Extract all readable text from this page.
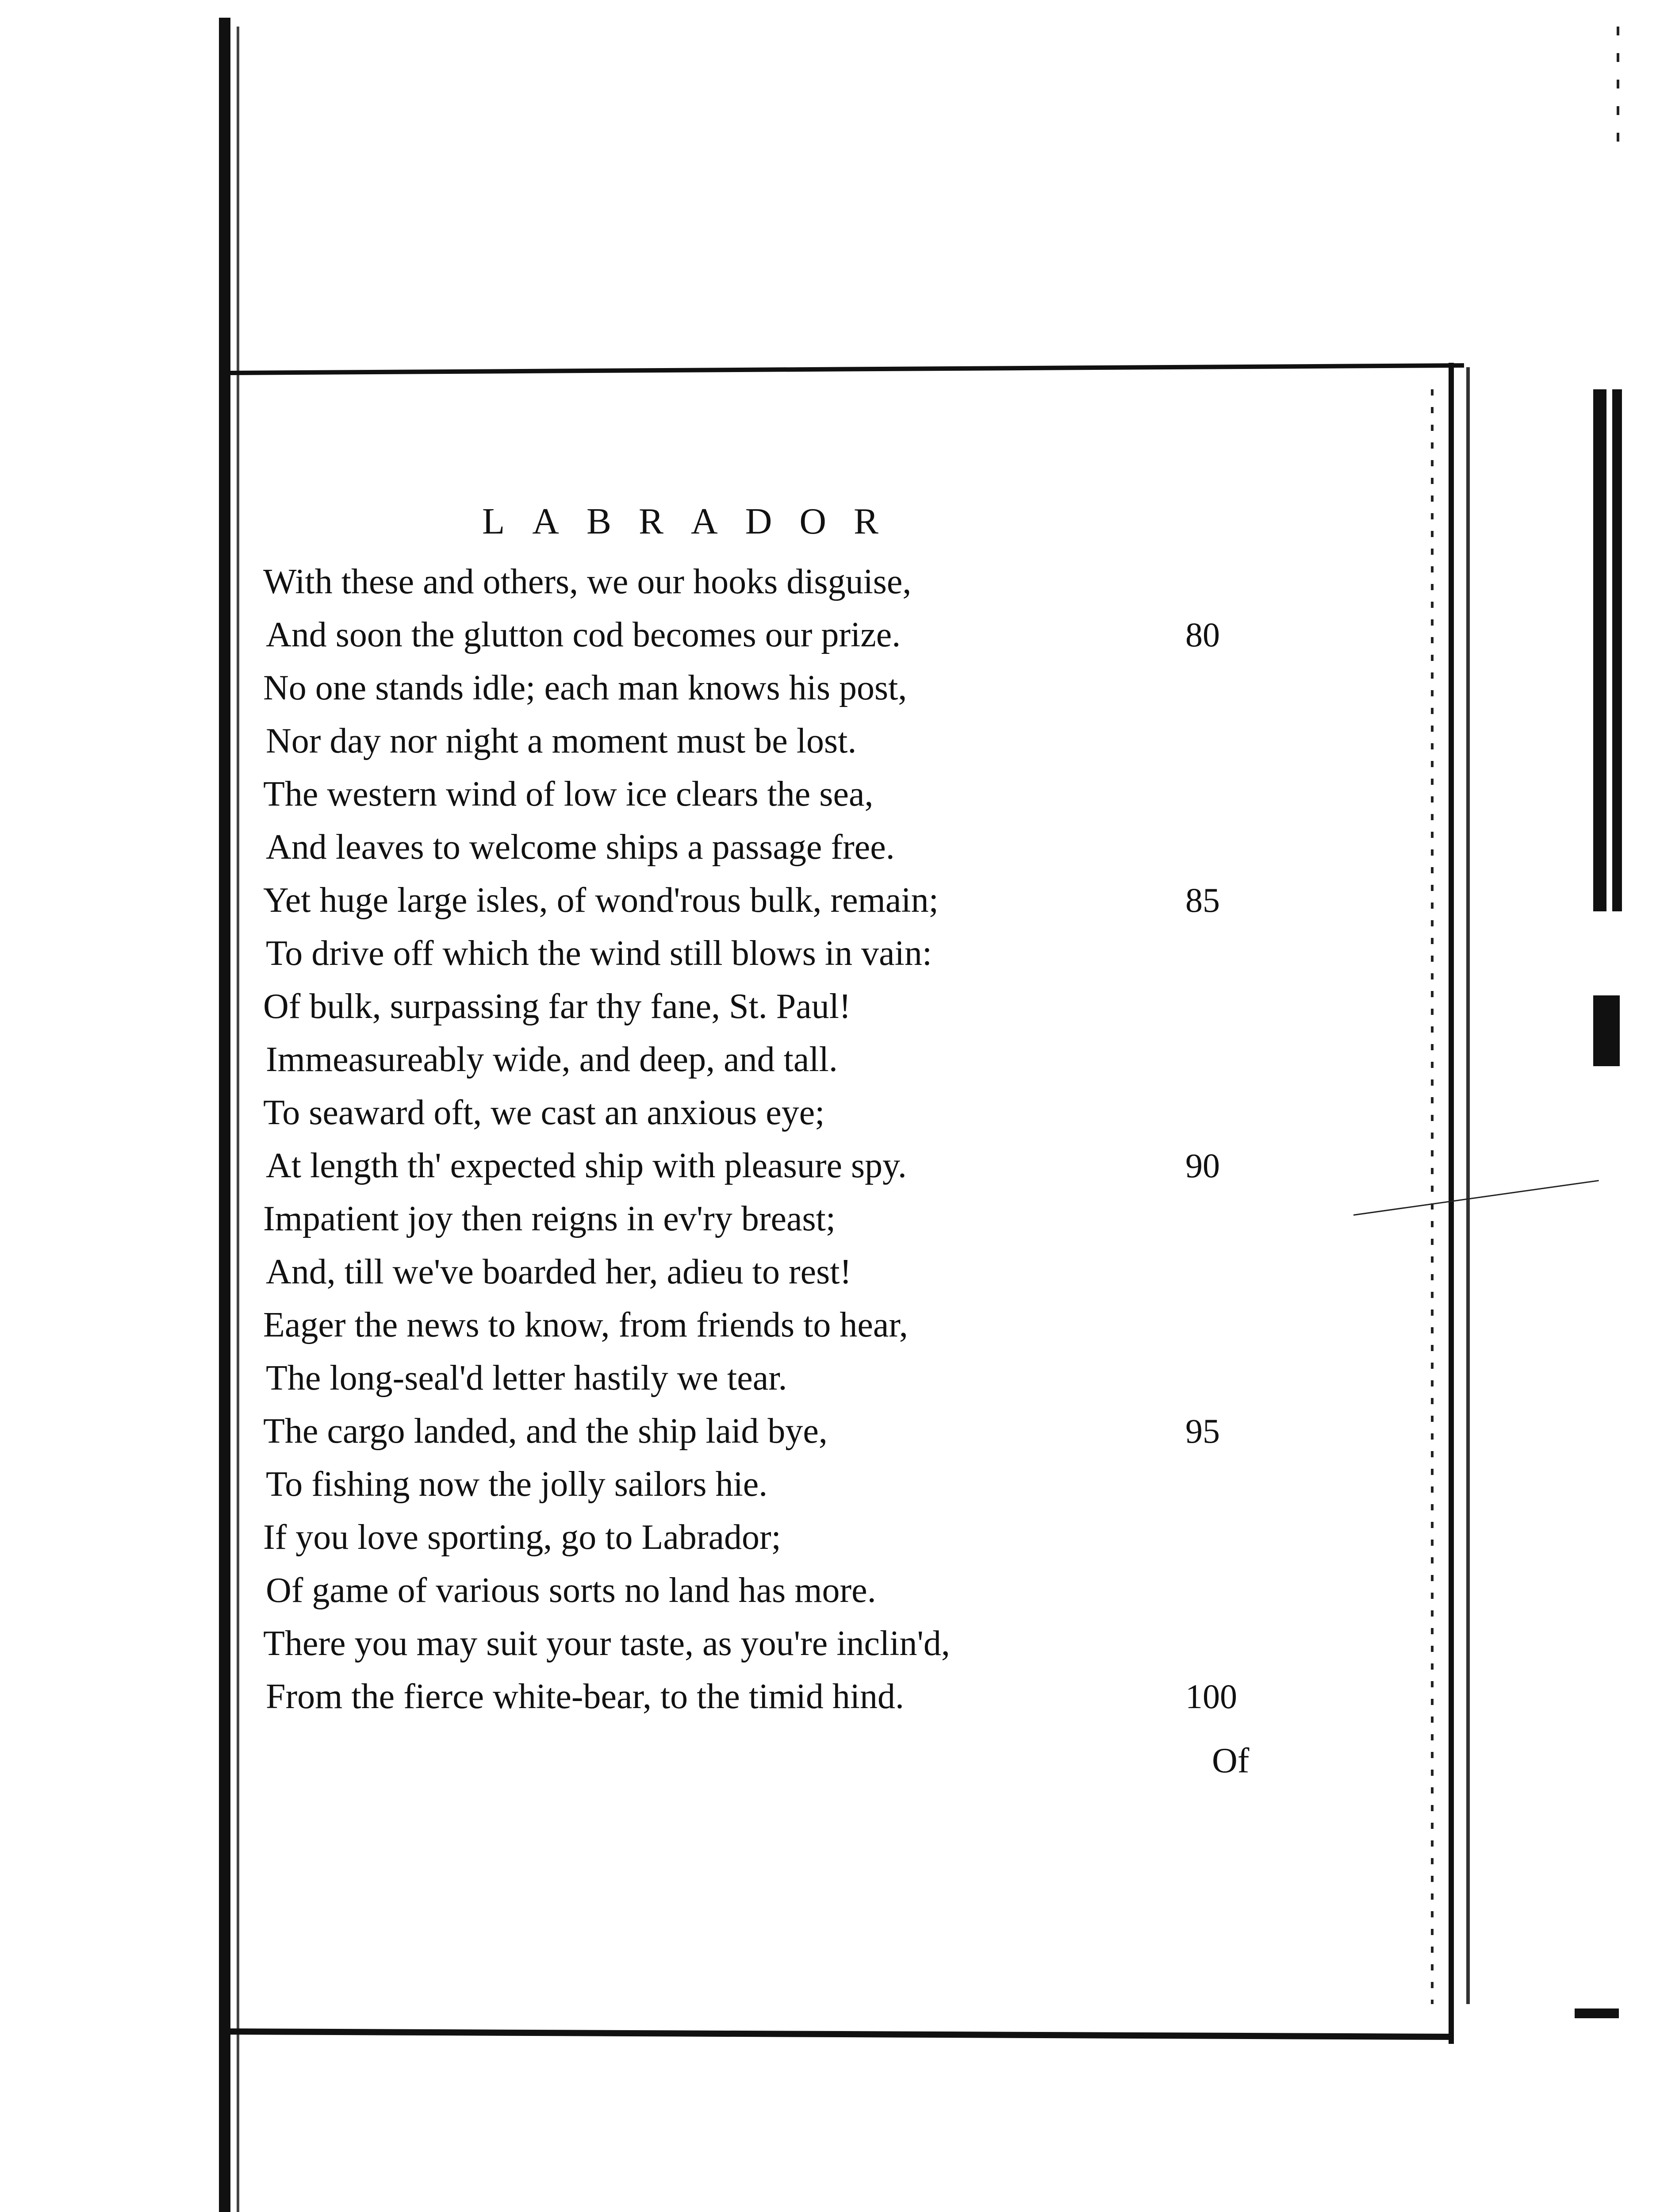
LABRADOR
With these and others, we our hooks disguise,
And soon the glutton cod becomes our prize.
No one stands idle; each man knows his post,
Nor day nor night a moment must be lost.
The western wind of low ice clears the sea,
And leaves to welcome ships a passage free.
Yet huge large isles, of wond'rous bulk, remain;
To drive off which the wind still blows in vain:
Of bulk, surpassing far thy fane, St. Paul!
Immeasureably wide, and deep, and tall.
To seaward oft, we cast an anxious eye;
At length th' expected ship with pleasure spy.
Impatient joy then reigns in ev'ry breast;
And, till we've boarded her, adieu to rest!
Eager the news to know, from friends to hear,
The long-seal'd letter hastily we tear.
The cargo landed, and the ship laid bye,
To fishing now the jolly sailors hie.
If you love sporting, go to Labrador;
Of game of various sorts no land has more.
There you may suit your taste, as you're inclin'd,
From the fierce white-bear, to the timid hind.
80
85
90
95
100
Of
